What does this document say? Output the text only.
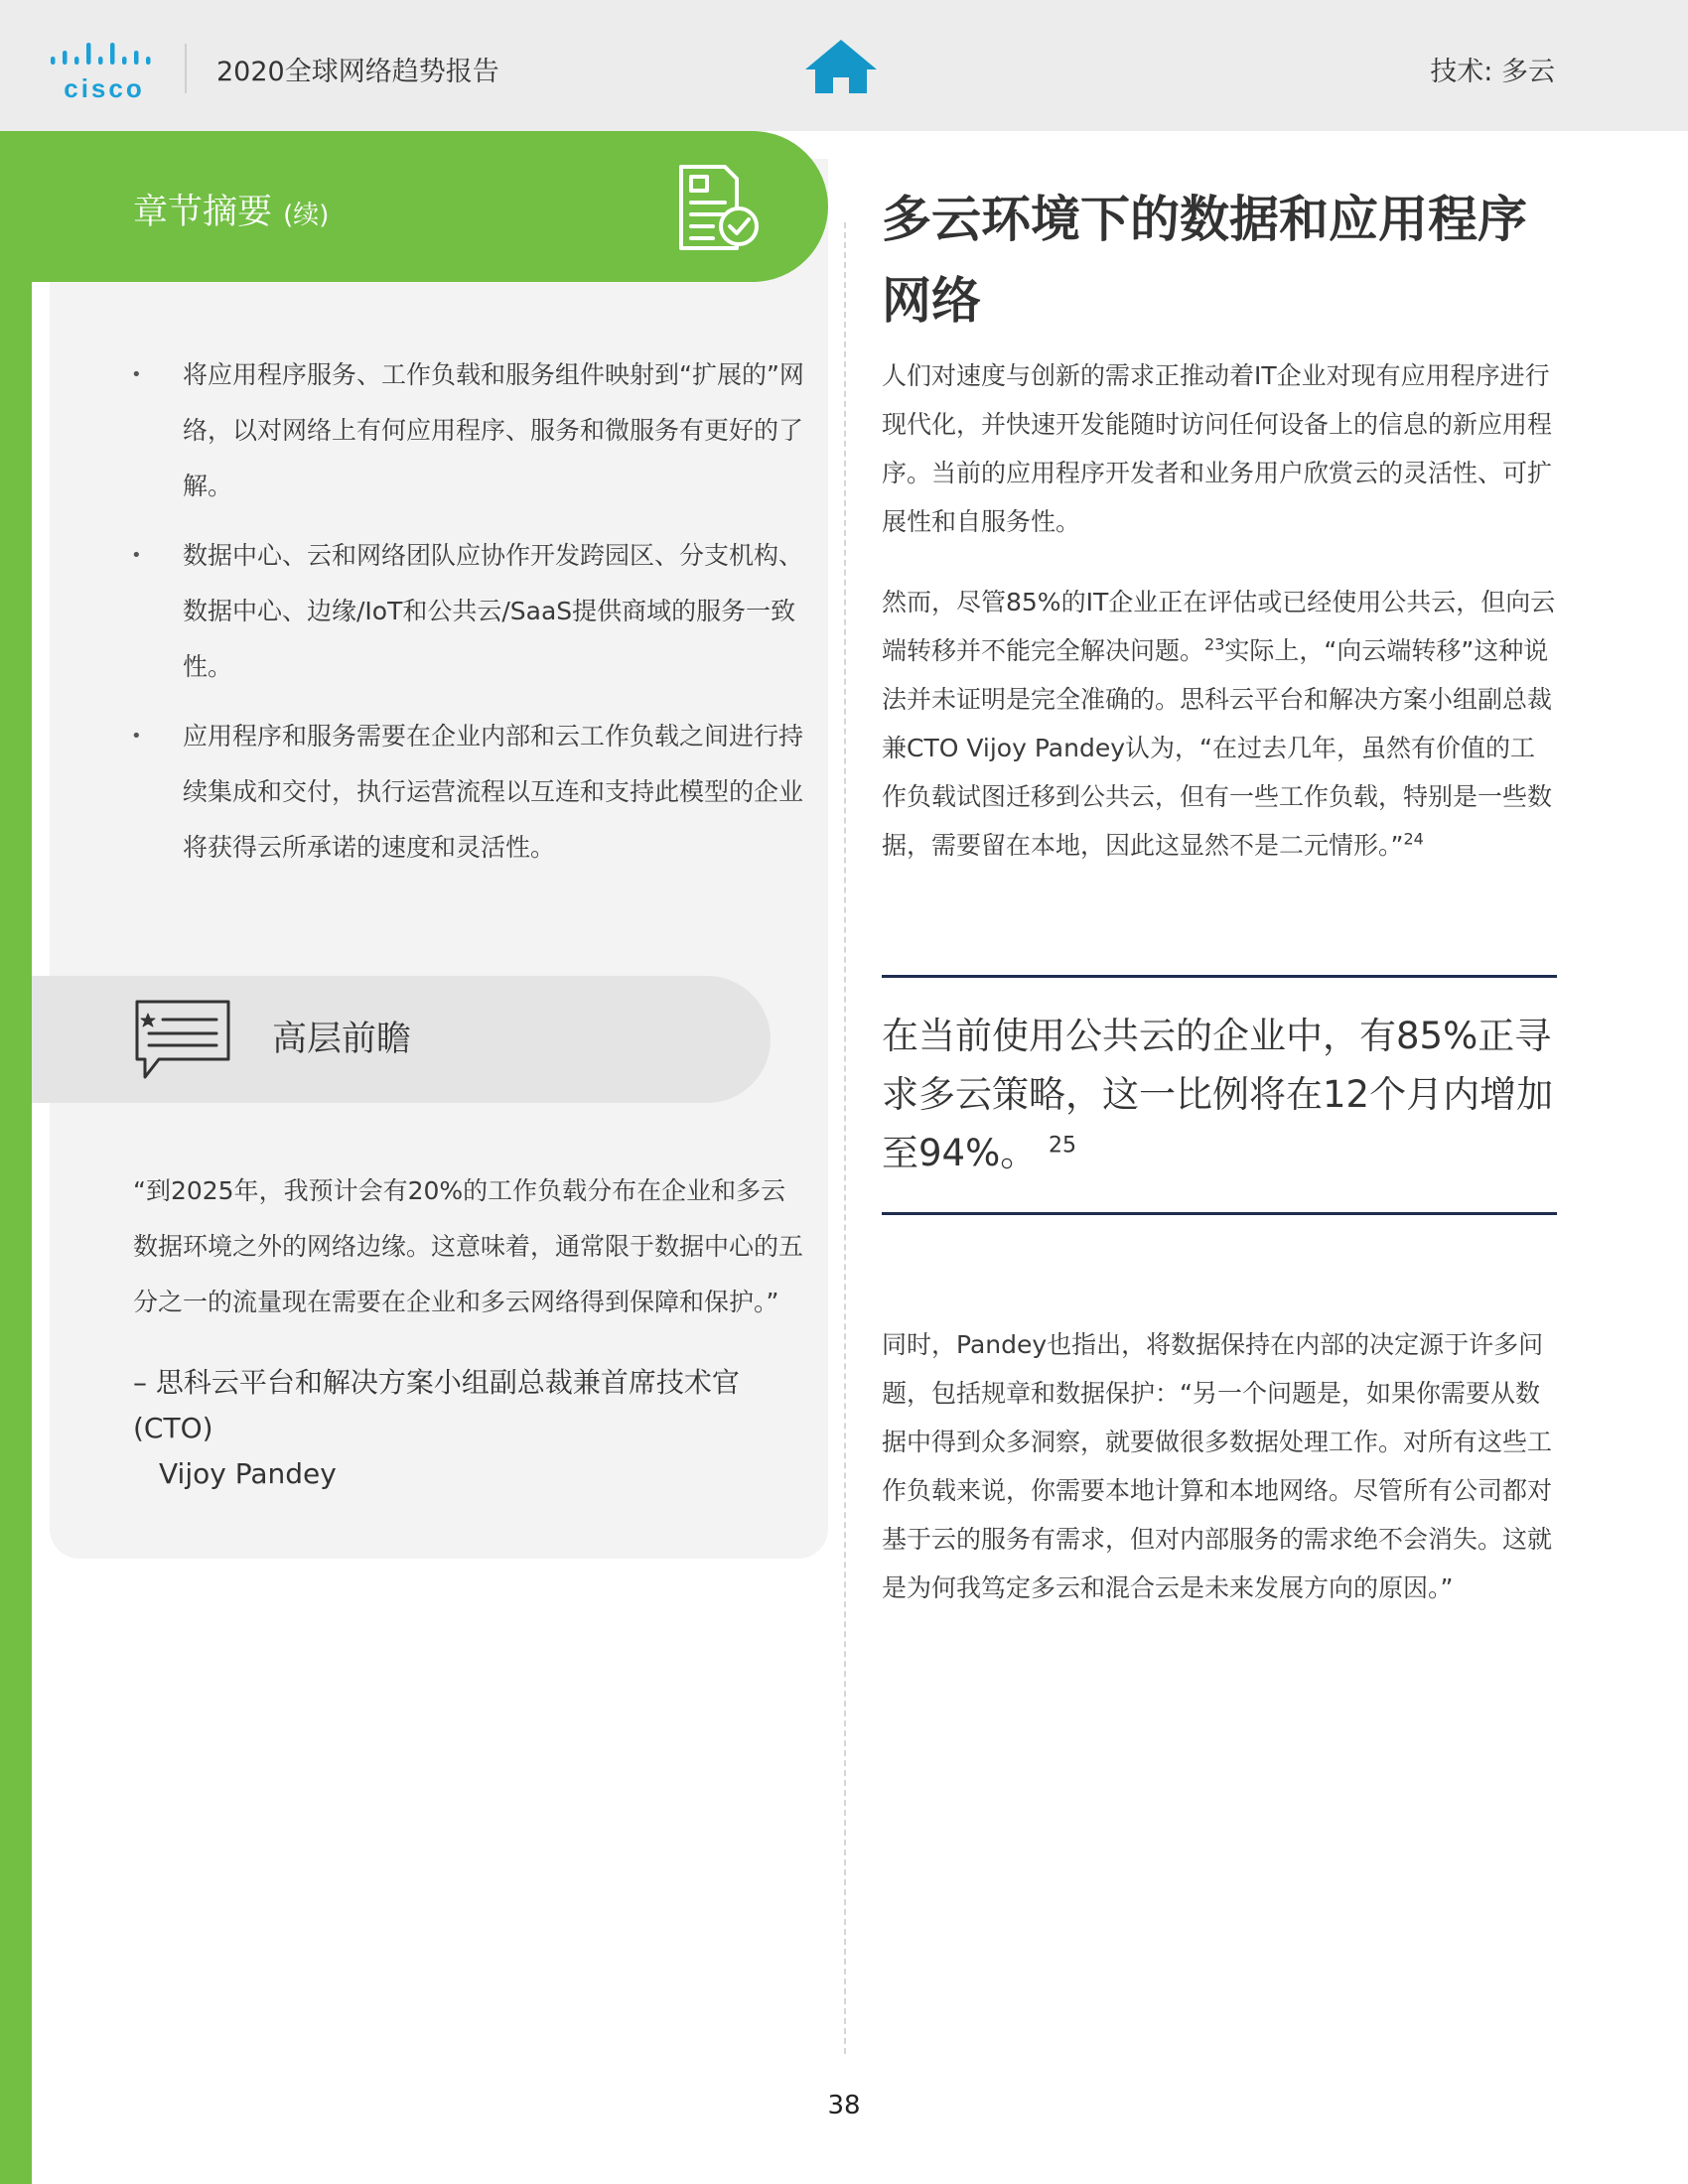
cisco
2020全球网络趋势报告	技术: 多云
章节摘要 (续)
• 将应用程序服务、工作负载和服务组件映射到“扩展的”网络，以对网络上有何应用程序、服务和微服务有更好的了解。
• 数据中心、云和网络团队应协作开发跨园区、分支机构、数据中心、边缘/IoT和公共云/SaaS提供商域的服务一致性。
• 应用程序和服务需要在企业内部和云工作负载之间进行持续集成和交付，执行运营流程以互连和支持此模型的企业将获得云所承诺的速度和灵活性。
高层前瞻

“到2025年，我预计会有20%的工作负载分布在企业和多云数据环境之外的网络边缘。这意味着，通常限于数据中心的五分之一的流量现在需要在企业和多云网络得到保障和保护。”

– 思科云平台和解决方案小组副总裁兼首席技术官 (CTO)
Vijoy Pandey

多云环境下的数据和应用程序网络

人们对速度与创新的需求正推动着IT企业对现有应用程序进行现代化，并快速开发能随时访问任何设备上的信息的新应用程序。当前的应用程序开发者和业务用户欣赏云的灵活性、可扩展性和自服务性。

然而，尽管85%的IT企业正在评估或已经使用公共云，但向云端转移并不能完全解决问题。$^{23}$实际上，“向云端转移”这种说法并未证明是完全准确的。思科云平台和解决方案小组副总裁兼CTO Vijoy Pandey认为，“在过去几年，虽然有价值的工作负载试图迁移到公共云，但有一些工作负载，特别是一些数据，需要留在本地，因此这显然不是二元情形。”$^{24}$

在当前使用公共云的企业中，有85%正寻求多云策略，这一比例将在12个月内增加至94%。 $^{25}$

同时，Pandey也指出，将数据保持在内部的决定源于许多问题，包括规章和数据保护：“另一个问题是，如果你需要从数据中得到众多洞察，就要做很多数据处理工作。对所有这些工作负载来说，你需要本地计算和本地网络。尽管所有公司都对基于云的服务有需求，但对内部服务的需求绝不会消失。这就是为何我笃定多云和混合云是未来发展方向的原因。”

38
